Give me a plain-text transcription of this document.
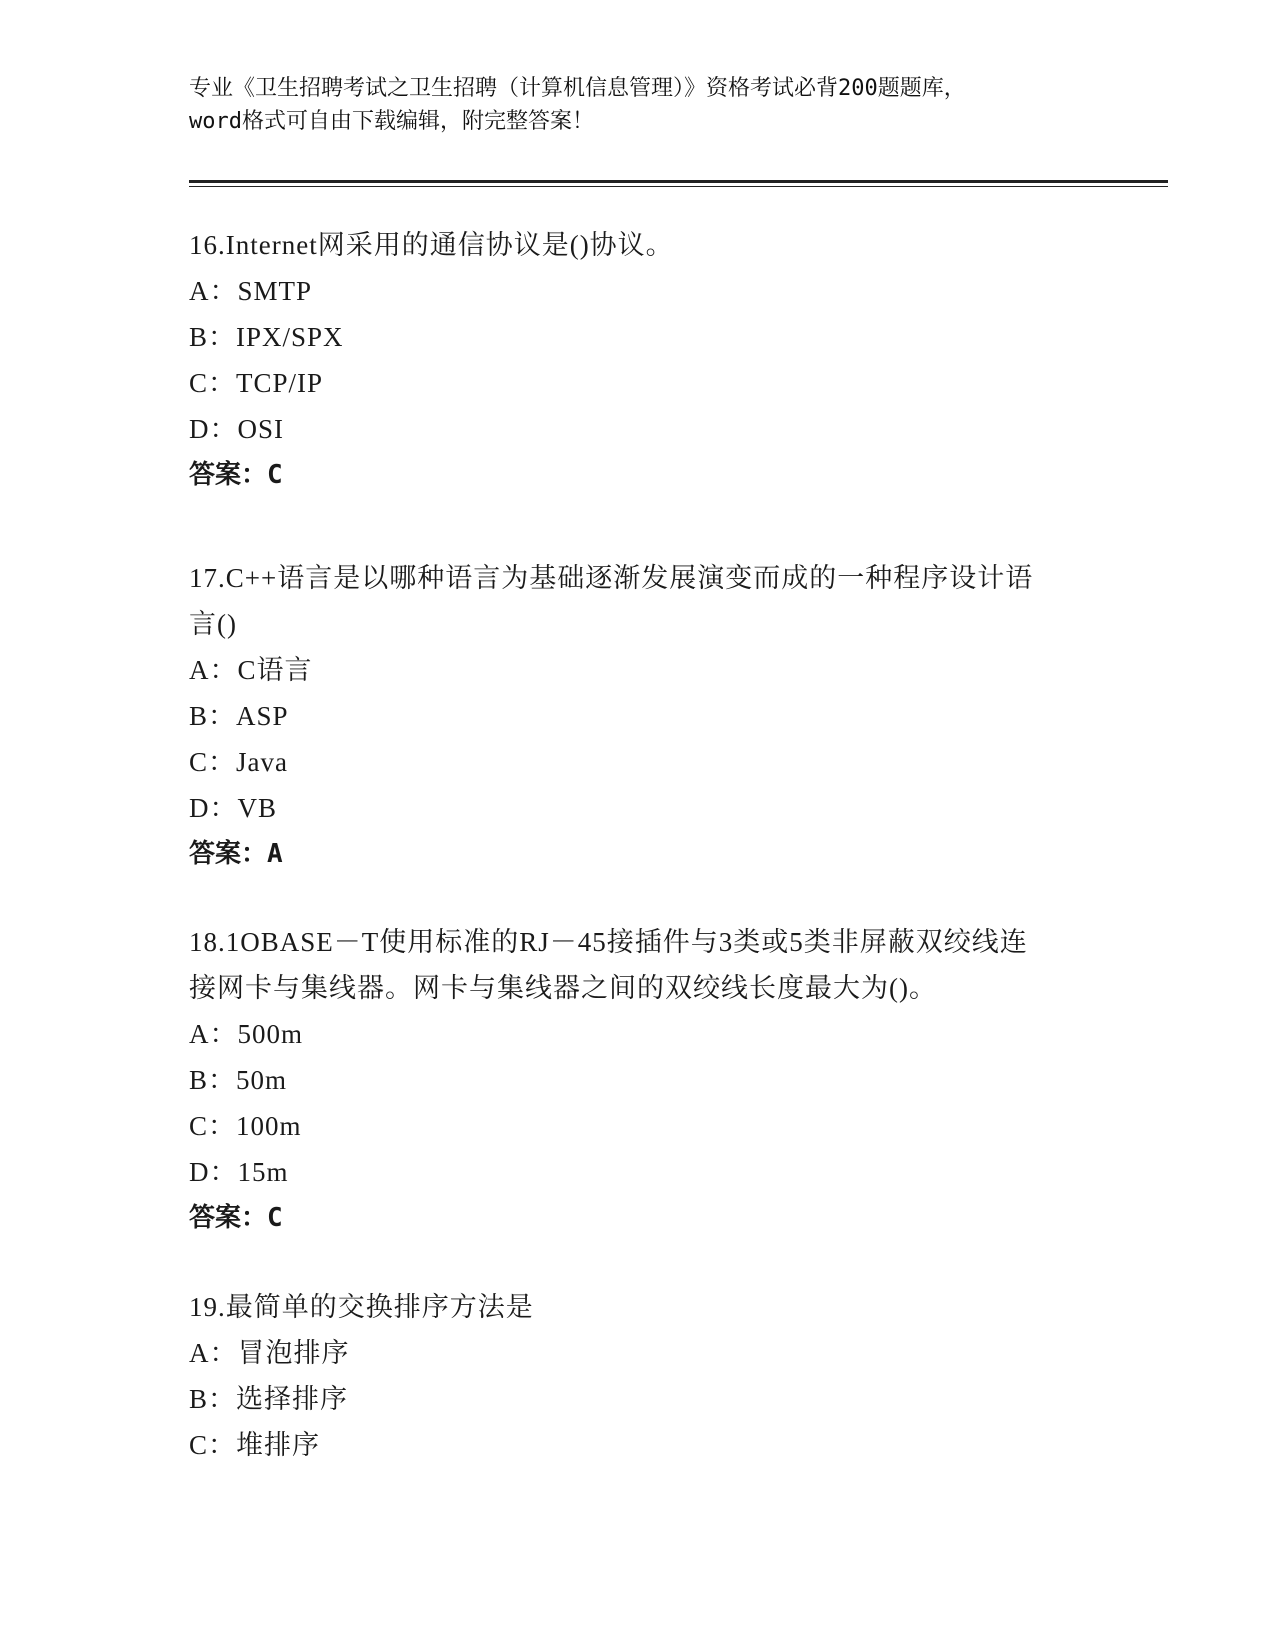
专业《卫生招聘考试之卫生招聘（计算机信息管理）》资格考试必背200题题库，
word格式可自由下载编辑，附完整答案！
16.Internet网采用的通信协议是()协议。
A：SMTP
B：IPX/SPX
C：TCP/IP
D：OSI
答案：C
17.C++语言是以哪种语言为基础逐渐发展演变而成的一种程序设计语
言()
A：C语言
B：ASP
C：Java
D：VB
答案：A
18.1OBASE－T使用标准的RJ－45接插件与3类或5类非屏蔽双绞线连
接网卡与集线器。网卡与集线器之间的双绞线长度最大为()。
A：500m
B：50m
C：100m
D：15m
答案：C
19.最简单的交换排序方法是
A：冒泡排序
B：选择排序
C：堆排序
